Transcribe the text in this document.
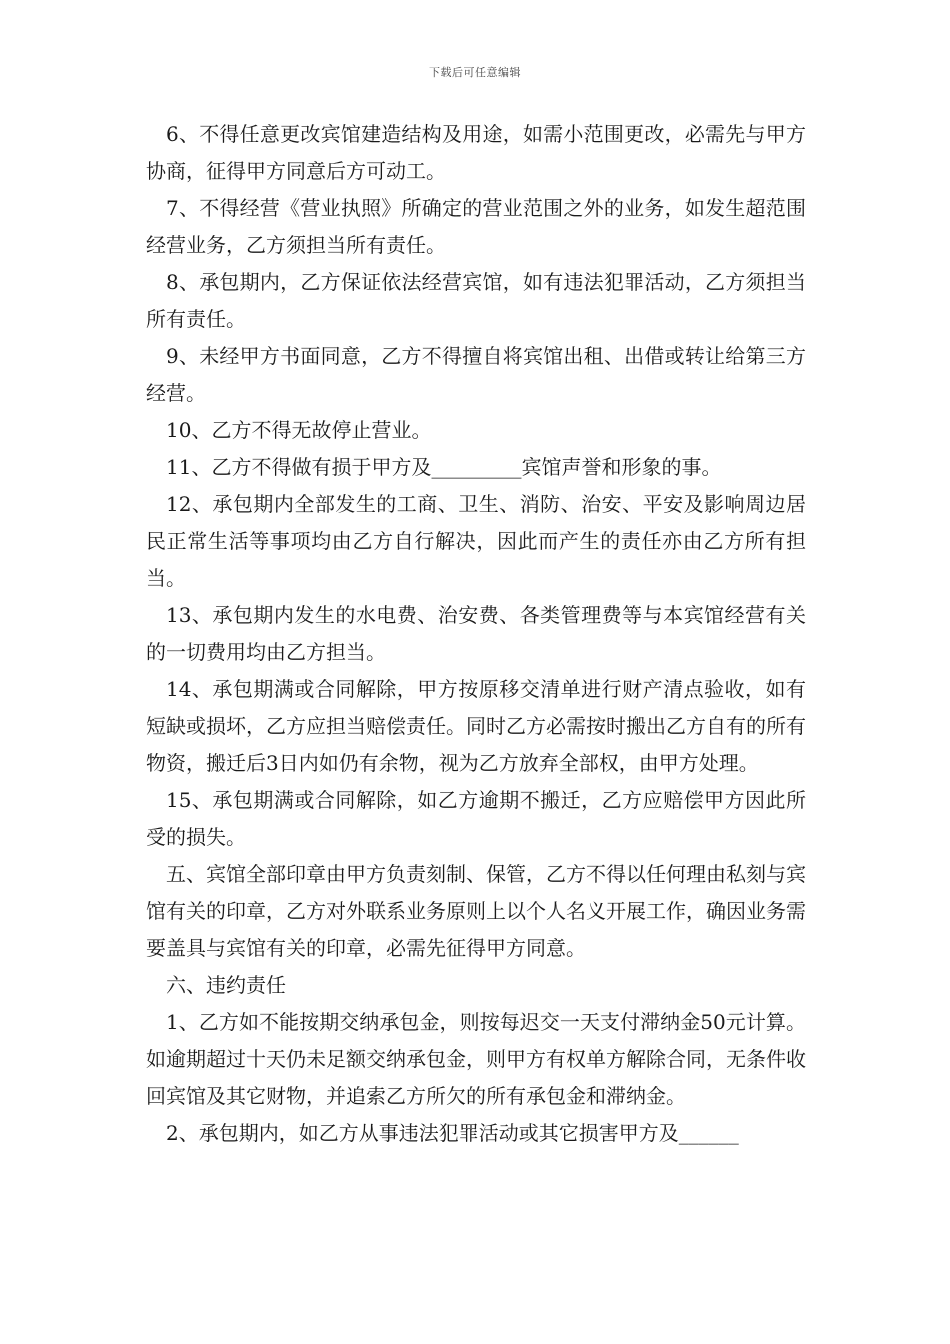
下载后可任意编辑

6、不得任意更改宾馆建造结构及用途，如需小范围更改，必需先与甲方协商，征得甲方同意后方可动工。

7、不得经营《营业执照》所确定的营业范围之外的业务，如发生超范围经营业务，乙方须担当所有责任。

8、承包期内，乙方保证依法经营宾馆，如有违法犯罪活动，乙方须担当所有责任。

9、未经甲方书面同意，乙方不得擅自将宾馆出租、出借或转让给第三方经营。

10、乙方不得无故停止营业。

11、乙方不得做有损于甲方及_________宾馆声誉和形象的事。

12、承包期内全部发生的工商、卫生、消防、治安、平安及影响周边居民正常生活等事项均由乙方自行解决，因此而产生的责任亦由乙方所有担当。

13、承包期内发生的水电费、治安费、各类管理费等与本宾馆经营有关的一切费用均由乙方担当。

14、承包期满或合同解除，甲方按原移交清单进行财产清点验收，如有短缺或损坏，乙方应担当赔偿责任。同时乙方必需按时搬出乙方自有的所有物资，搬迁后3日内如仍有余物，视为乙方放弃全部权，由甲方处理。

15、承包期满或合同解除，如乙方逾期不搬迁，乙方应赔偿甲方因此所受的损失。

五、宾馆全部印章由甲方负责刻制、保管，乙方不得以任何理由私刻与宾馆有关的印章，乙方对外联系业务原则上以个人名义开展工作，确因业务需要盖具与宾馆有关的印章，必需先征得甲方同意。

六、违约责任

1、乙方如不能按期交纳承包金，则按每迟交一天支付滞纳金50元计算。如逾期超过十天仍未足额交纳承包金，则甲方有权单方解除合同，无条件收回宾馆及其它财物，并追索乙方所欠的所有承包金和滞纳金。

2、承包期内，如乙方从事违法犯罪活动或其它损害甲方及______
